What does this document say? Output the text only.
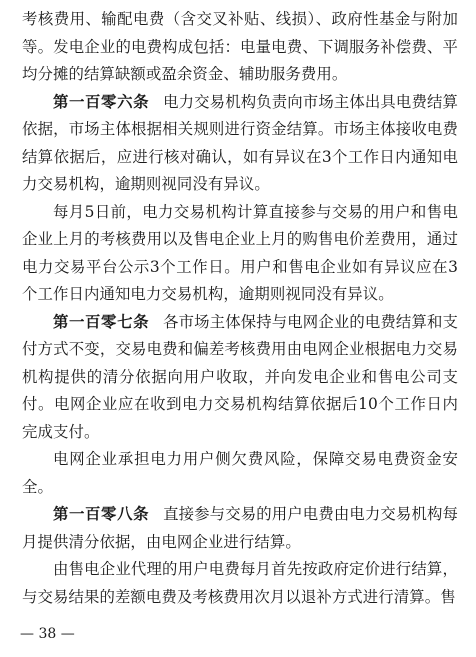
考核费用、输配电费（含交叉补贴、线损）、政府性基金与附加等。发电企业的电费构成包括：电量电费、下调服务补偿费、平均分摊的结算缺额或盈余资金、辅助服务费用。

第一百零六条 电力交易机构负责向市场主体出具电费结算依据，市场主体根据相关规则进行资金结算。市场主体接收电费结算依据后，应进行核对确认，如有异议在3个工作日内通知电力交易机构，逾期则视同没有异议。

每月5日前，电力交易机构计算直接参与交易的用户和售电企业上月的考核费用以及售电企业上月的购售电价差费用，通过电力交易平台公示3个工作日。用户和售电企业如有异议应在3个工作日内通知电力交易机构，逾期则视同没有异议。

第一百零七条 各市场主体保持与电网企业的电费结算和支付方式不变，交易电费和偏差考核费用由电网企业根据电力交易机构提供的清分依据向用户收取，并向发电企业和售电公司支付。电网企业应在收到电力交易机构结算依据后10个工作日内完成支付。

电网企业承担电力用户侧欠费风险，保障交易电费资金安全。

第一百零八条 直接参与交易的用户电费由电力交易机构每月提供清分依据，由电网企业进行结算。

由售电企业代理的用户电费每月首先按政府定价进行结算，与交易结果的差额电费及考核费用次月以退补方式进行清算。售

— 38 —
